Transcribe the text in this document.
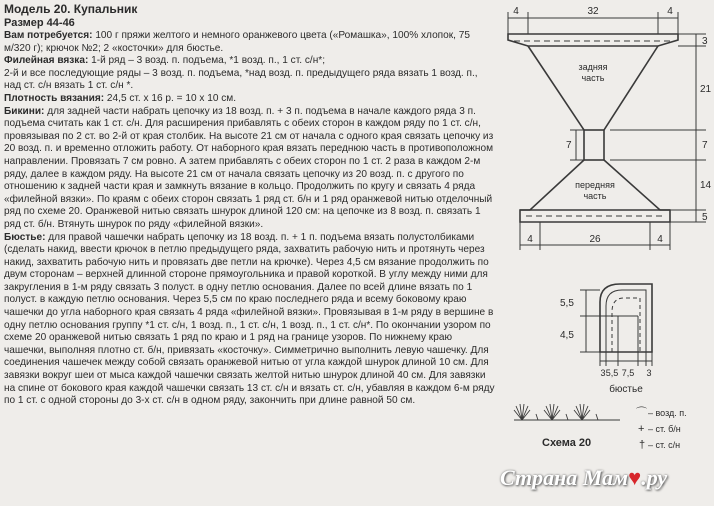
Модель 20. Купальник

Размер 44-46

Вам потребуется: 100 г пряжи желтого и немного оранжевого цвета («Ромашка», 100% хлопок, 75 м/320 г); крючок №2; 2 «косточки» для бюстье.

Филейная вязка: 1-й ряд – 3 возд. п. подъема, *1 возд. п., 1 ст. с/н*;

2-й и все последующие ряды – 3 возд. п. подъема, *над возд. п. предыдущего ряда вязать 1 возд. п., над ст. с/н вязать 1 ст. с/н *.

Плотность вязания: 24,5 ст. х 16 р. = 10 х 10 см.

Бикини: для задней части набрать цепочку из 18 возд. п. + 3 п. подъема в начале каждого ряда 3 п. подъема считать как 1 ст. с/н. Для расширения прибавлять с обеих сторон в каждом ряду по 1 ст. с/н, провязывая по 2 ст. во 2-й от края столбик. На высоте 21 см от начала с одного края связать цепочку из 20 возд. п. и временно отложить работу. От наборного края вязать переднюю часть в противоположном направлении. Провязать 7 см ровно. А затем прибавлять с обеих сторон по 1 ст. 2 раза в каждом 2-м ряду, далее в каждом ряду. На высоте 21 см от начала связать цепочку из 20 возд. п. с другого по отношению к задней части края и замкнуть вязание в кольцо. Продолжить по кругу и связать 4 ряда «филейной вязки». По краям с обеих сторон связать 1 ряд ст. б/н и 1 ряд оранжевой нитью отделочный ряд по схеме 20. Оранжевой нитью связать шнурок длиной 120 см: на цепочке из 8 возд. п. связать 1 ряд ст. б/н. Втянуть шнурок по ряду «филейной вязки».

Бюстье: для правой чашечки набрать цепочку из 18 возд. п. + 1 п. подъема вязать полустолбиками (сделать накид, ввести крючок в петлю предыдущего ряда, захватить рабочую нить и протянуть через накид, захватить рабочую нить и провязать две петли на крючке). Через 4,5 см вязание продолжить по двум сторонам – верхней длинной стороне прямоугольника и правой короткой. В углу между ними для закругления в 1-м ряду связать 3 полуст. в одну петлю основания. Далее по всей длине вязать по 1 полуст. в каждую петлю основания. Через 5,5 см по краю последнего ряда и всему боковому краю чашечки до угла наборного края связать 4 ряда «филейной вязки». Провязывая в 1-м ряду в вершине в одну петлю основания группу *1 ст. с/н, 1 возд. п., 1 ст. с/н, 1 возд. п., 1 ст. с/н*. По окончании узором по схеме 20 оранжевой нитью связать 1 ряд по краю и 1 ряд на границе узоров. По нижнему краю чашечки, выполняя плотно ст. б/н, привязать «косточку». Симметрично выполнить левую чашечку. Для соединения чашечек между собой связать оранжевой нитью от угла каждой шнурок длиной 10 см. Для завязки вокруг шеи от мыса каждой чашечки связать желтой нитью шнурок длиной 40 см. Для завязки на спине от бокового края каждой чашечки связать 13 ст. с/н и вязать ст. с/н, убавляя в каждом 6-м ряду по 1 ст. с одной стороны до 3-х ст. с/н в одном ряду, закончить при длине равной 50 см.

4	32	4
3
21
7
14
5
7
4	26	4
задняя
часть
передняя
часть
5,5
4,5
3 5,5 7,5 3
бюстье
Схема 20
⌒ – возд. п.
+ – ст. б/н
† – ст. с/н
Страна Мам♥.ру
